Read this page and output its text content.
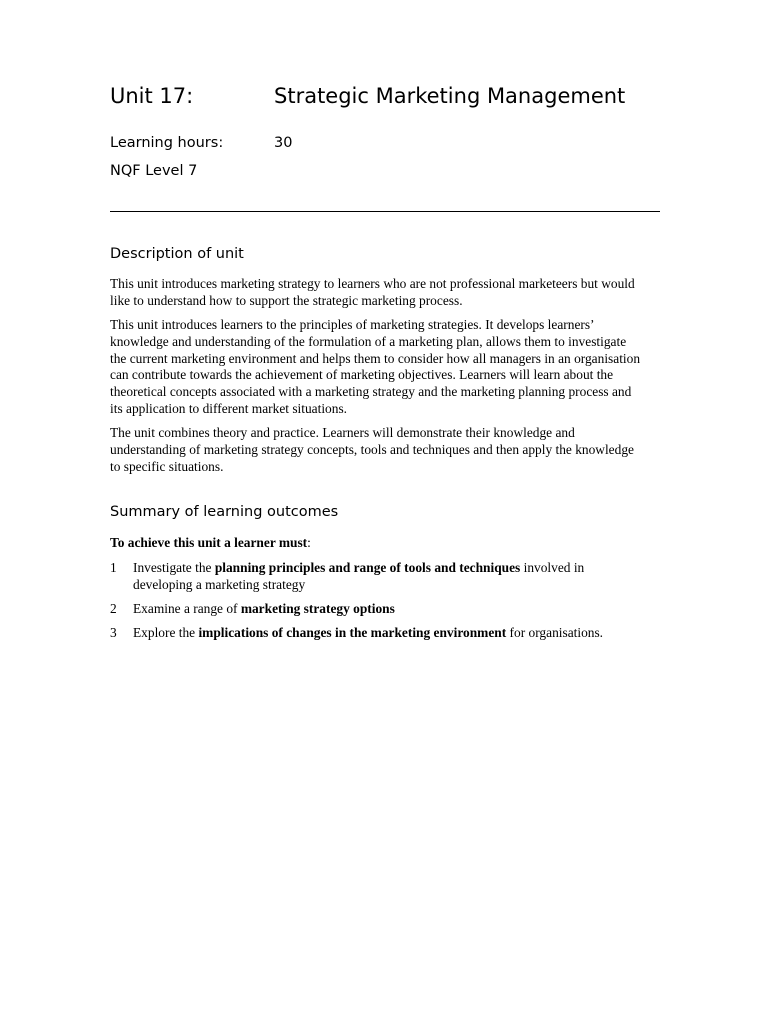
Unit 17:	Strategic Marketing Management
Learning hours:	30
NQF Level 7
Description of unit

This unit introduces marketing strategy to learners who are not professional marketeers but would like to understand how to support the strategic marketing process.

This unit introduces learners to the principles of marketing strategies. It develops learners’ knowledge and understanding of the formulation of a marketing plan, allows them to investigate the current marketing environment and helps them to consider how all managers in an organisation can contribute towards the achievement of marketing objectives. Learners will learn about the theoretical concepts associated with a marketing strategy and the marketing planning process and its application to different market situations.

The unit combines theory and practice. Learners will demonstrate their knowledge and understanding of marketing strategy concepts, tools and techniques and then apply the knowledge to specific situations.

Summary of learning outcomes
To achieve this unit a learner must:
1 Investigate the planning principles and range of tools and techniques involved in developing a marketing strategy
2 Examine a range of marketing strategy options
3 Explore the implications of changes in the marketing environment for organisations.
